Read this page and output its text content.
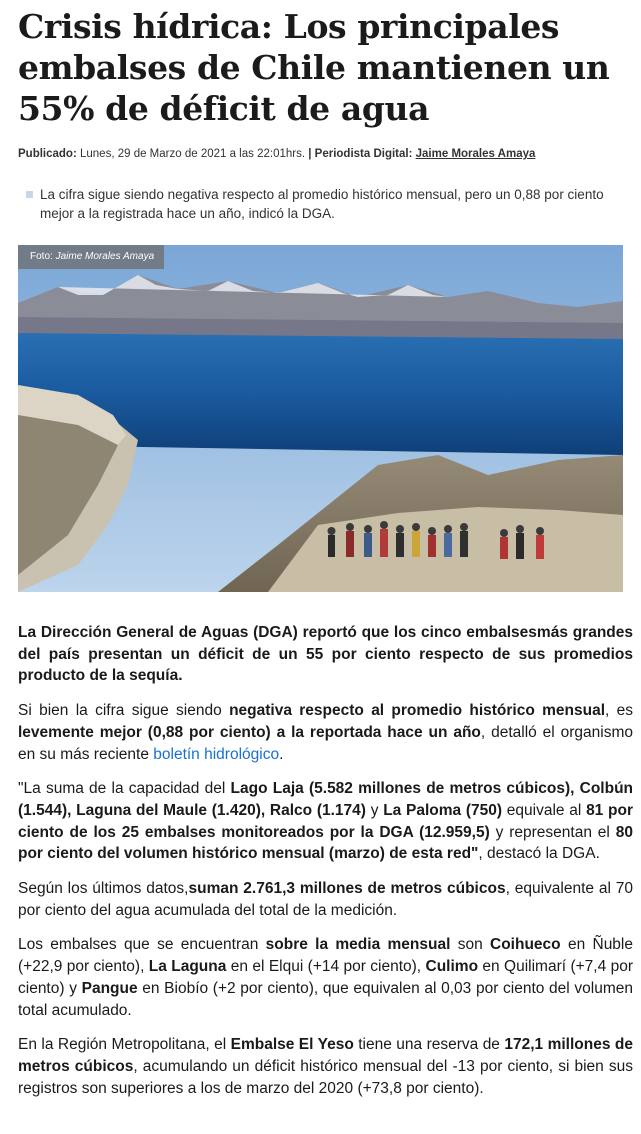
Crisis hídrica: Los principales embalses de Chile mantienen un 55% de déficit de agua
Publicado: Lunes, 29 de Marzo de 2021 a las 22:01hrs. | Periodista Digital: Jaime Morales Amaya
La cifra sigue siendo negativa respecto al promedio histórico mensual, pero un 0,88 por ciento mejor a la registrada hace un año, indicó la DGA.
Foto: Jaime Morales Amaya

La Dirección General de Aguas (DGA) reportó que los cinco embalsesmás grandes del país presentan un déficit de un 55 por ciento respecto de sus promedios producto de la sequía.

Si bien la cifra sigue siendo negativa respecto al promedio histórico mensual, es levemente mejor (0,88 por ciento) a la reportada hace un año, detalló el organismo en su más reciente boletín hidrológico.

"La suma de la capacidad del Lago Laja (5.582 millones de metros cúbicos), Colbún (1.544), Laguna del Maule (1.420), Ralco (1.174) y La Paloma (750) equivale al 81 por ciento de los 25 embalses monitoreados por la DGA (12.959,5) y representan el 80 por ciento del volumen histórico mensual (marzo) de esta red", destacó la DGA.

Según los últimos datos,suman 2.761,3 millones de metros cúbicos, equivalente al 70 por ciento del agua acumulada del total de la medición.

Los embalses que se encuentran sobre la media mensual son Coihueco en Ñuble (+22,9 por ciento), La Laguna en el Elqui (+14 por ciento), Culimo en Quilimarí (+7,4 por ciento) y Pangue en Biobío (+2 por ciento), que equivalen al 0,03 por ciento del volumen total acumulado.

En la Región Metropolitana, el Embalse El Yeso tiene una reserva de 172,1 millones de metros cúbicos, acumulando un déficit histórico mensual del -13 por ciento, si bien sus registros son superiores a los de marzo del 2020 (+73,8 por ciento).
